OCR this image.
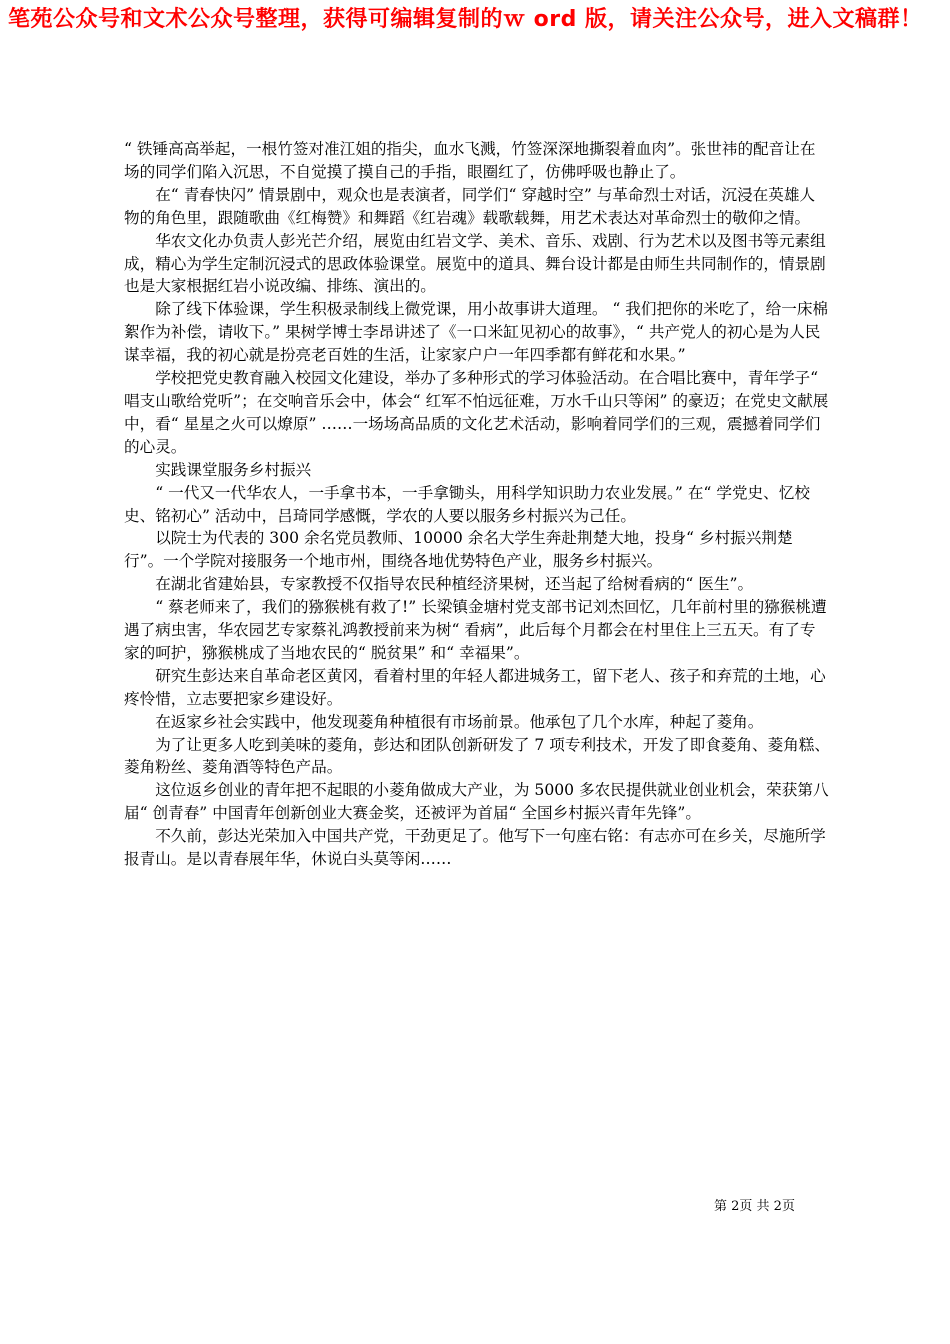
笔苑公众号和文术公众号整理，获得可编辑复制的ｗ ord 版，请关注公众号，进入文稿群！

“ 铁锤高高举起，一根竹签对准江姐的指尖，血水飞溅，竹签深深地撕裂着血肉”。张世祎的配音让在场的同学们陷入沉思，不自觉摸了摸自己的手指，眼圈红了，仿佛呼吸也静止了。

在“ 青春快闪” 情景剧中，观众也是表演者，同学们“ 穿越时空” 与革命烈士对话，沉浸在英雄人物的角色里，跟随歌曲《红梅赞》和舞蹈《红岩魂》载歌载舞，用艺术表达对革命烈士的敬仰之情。

华农文化办负责人彭光芒介绍，展览由红岩文学、美术、音乐、戏剧、行为艺术以及图书等元素组成，精心为学生定制沉浸式的思政体验课堂。展览中的道具、舞台设计都是由师生共同制作的，情景剧也是大家根据红岩小说改编、排练、演出的。

除了线下体验课，学生积极录制线上微党课，用小故事讲大道理。 “ 我们把你的米吃了，给一床棉絮作为补偿，请收下。” 果树学博士李昂讲述了《一口米缸见初心的故事》，“ 共产党人的初心是为人民谋幸福，我的初心就是扮亮老百姓的生活，让家家户户一年四季都有鲜花和水果。”

学校把党史教育融入校园文化建设，举办了多种形式的学习体验活动。在合唱比赛中，青年学子“ 唱支山歌给党听”；在交响音乐会中，体会“ 红军不怕远征难，万水千山只等闲” 的豪迈；在党史文献展中，看“ 星星之火可以燎原” ……一场场高品质的文化艺术活动，影响着同学们的三观，震撼着同学们的心灵。

实践课堂服务乡村振兴

“ 一代又一代华农人，一手拿书本，一手拿锄头，用科学知识助力农业发展。” 在“ 学党史、忆校史、铭初心” 活动中，吕琦同学感慨，学农的人要以服务乡村振兴为己任。

以院士为代表的 300 余名党员教师、10000 余名大学生奔赴荆楚大地，投身“ 乡村振兴荆楚行”。一个学院对接服务一个地市州，围绕各地优势特色产业，服务乡村振兴。

在湖北省建始县，专家教授不仅指导农民种植经济果树，还当起了给树看病的“ 医生”。

“ 蔡老师来了，我们的猕猴桃有救了!” 长梁镇金塘村党支部书记刘杰回忆，几年前村里的猕猴桃遭遇了病虫害，华农园艺专家蔡礼鸿教授前来为树“ 看病”，此后每个月都会在村里住上三五天。有了专家的呵护，猕猴桃成了当地农民的“ 脱贫果” 和“ 幸福果”。

研究生彭达来自革命老区黄冈，看着村里的年轻人都进城务工，留下老人、孩子和弃荒的土地，心疼怜惜，立志要把家乡建设好。

在返家乡社会实践中，他发现菱角种植很有市场前景。他承包了几个水库，种起了菱角。

为了让更多人吃到美味的菱角，彭达和团队创新研发了 7 项专利技术，开发了即食菱角、菱角糕、菱角粉丝、菱角酒等特色产品。

这位返乡创业的青年把不起眼的小菱角做成大产业，为 5000 多农民提供就业创业机会，荣获第八届“ 创青春” 中国青年创新创业大赛金奖，还被评为首届“ 全国乡村振兴青年先锋”。

不久前，彭达光荣加入中国共产党，干劲更足了。他写下一句座右铭：有志亦可在乡关，尽施所学报青山。是以青春展年华，休说白头莫等闲……

第 2页 共 2页
